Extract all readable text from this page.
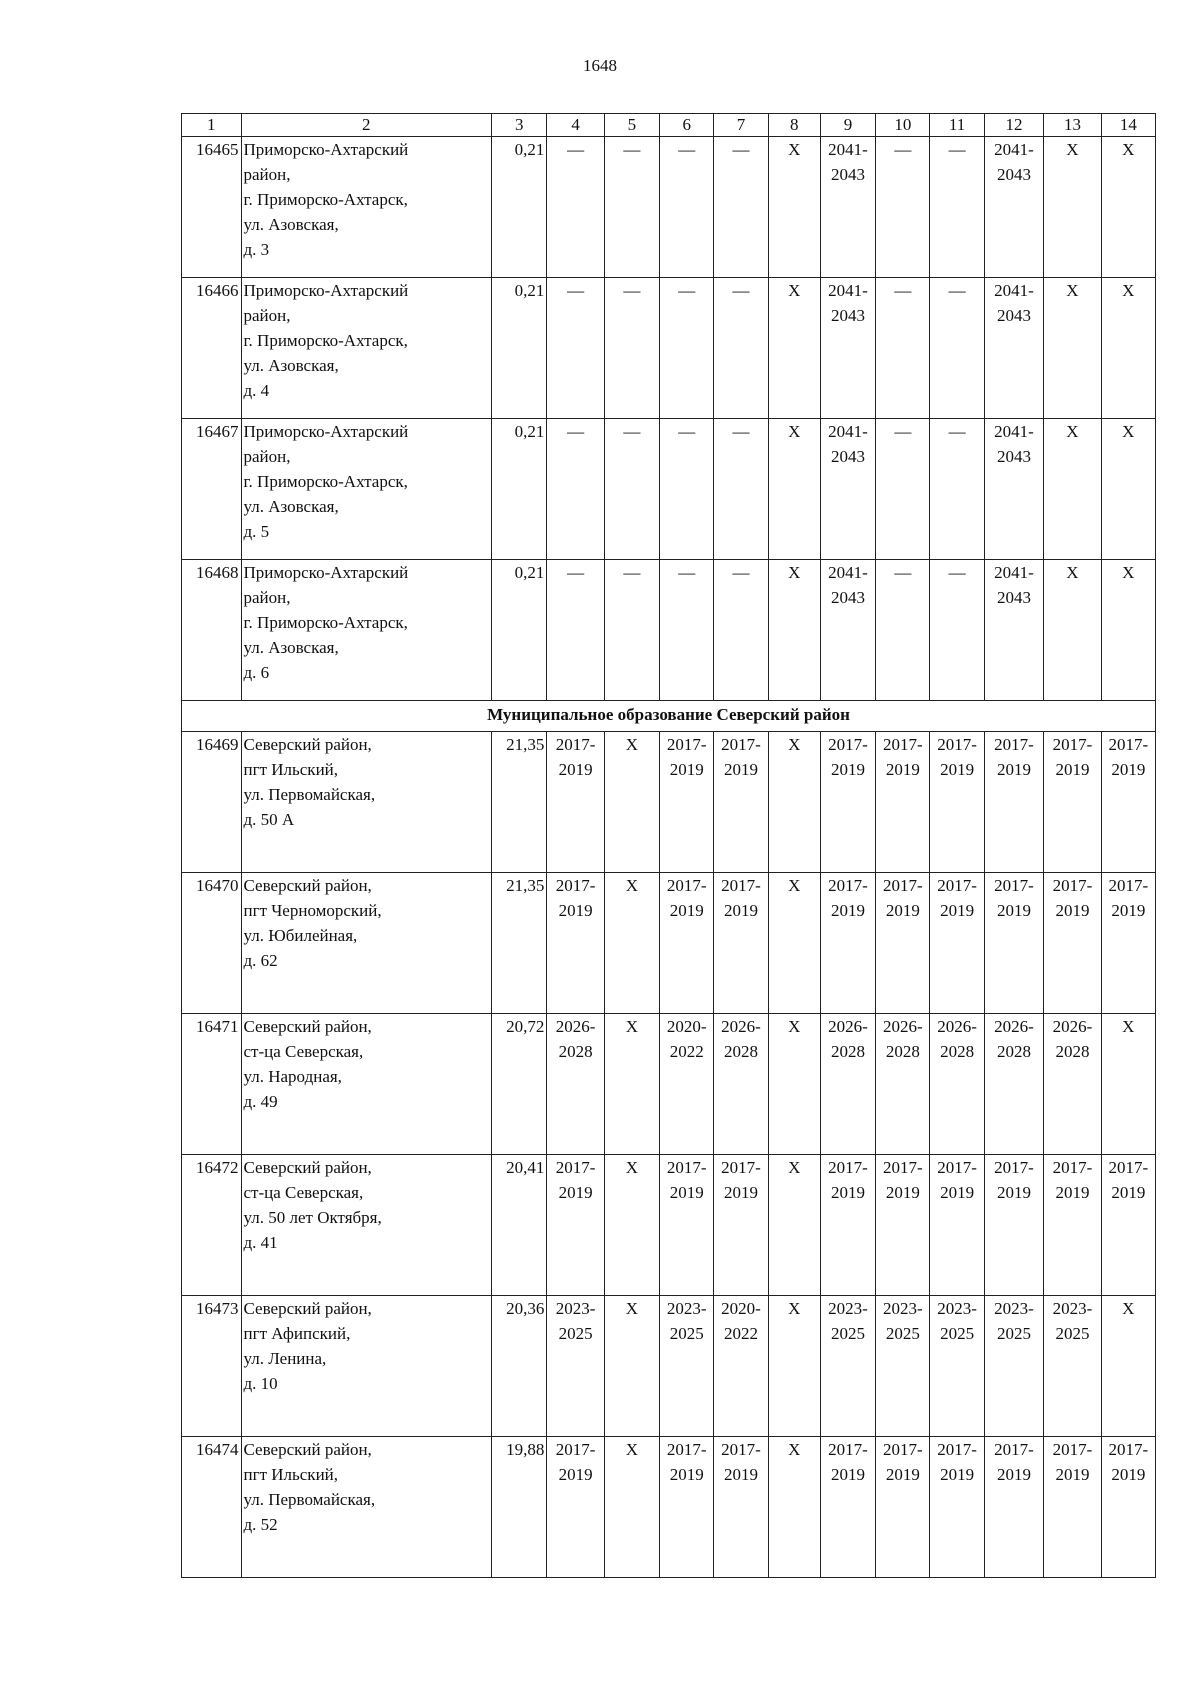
1648
1	2	3	4	5	6	7	8	9	10	11	12	13	14
16465	Приморско-Ахтарский
район,
г. Приморско-Ахтарск,
ул. Азовская,
д. 3	0,21	—	—	—	—	X	2041-
2043	—	—	2041-
2043	X	X
16466	Приморско-Ахтарский
район,
г. Приморско-Ахтарск,
ул. Азовская,
д. 4	0,21	—	—	—	—	X	2041-
2043	—	—	2041-
2043	X	X
16467	Приморско-Ахтарский
район,
г. Приморско-Ахтарск,
ул. Азовская,
д. 5	0,21	—	—	—	—	X	2041-
2043	—	—	2041-
2043	X	X
16468	Приморско-Ахтарский
район,
г. Приморско-Ахтарск,
ул. Азовская,
д. 6	0,21	—	—	—	—	X	2041-
2043	—	—	2041-
2043	X	X
Муниципальное образование Северский район													
16469	Северский район,
пгт Ильский,
ул. Первомайская,
д. 50 А	21,35	2017-
2019	X	2017-
2019	2017-
2019	X	2017-
2019	2017-
2019	2017-
2019	2017-
2019	2017-
2019	2017-
2019
16470	Северский район,
пгт Черноморский,
ул. Юбилейная,
д. 62	21,35	2017-
2019	X	2017-
2019	2017-
2019	X	2017-
2019	2017-
2019	2017-
2019	2017-
2019	2017-
2019	2017-
2019
16471	Северский район,
ст-ца Северская,
ул. Народная,
д. 49	20,72	2026-
2028	X	2020-
2022	2026-
2028	X	2026-
2028	2026-
2028	2026-
2028	2026-
2028	2026-
2028	X
16472	Северский район,
ст-ца Северская,
ул. 50 лет Октября,
д. 41	20,41	2017-
2019	X	2017-
2019	2017-
2019	X	2017-
2019	2017-
2019	2017-
2019	2017-
2019	2017-
2019	2017-
2019
16473	Северский район,
пгт Афипский,
ул. Ленина,
д. 10	20,36	2023-
2025	X	2023-
2025	2020-
2022	X	2023-
2025	2023-
2025	2023-
2025	2023-
2025	2023-
2025	X
16474	Северский район,
пгт Ильский,
ул. Первомайская,
д. 52	19,88	2017-
2019	X	2017-
2019	2017-
2019	X	2017-
2019	2017-
2019	2017-
2019	2017-
2019	2017-
2019	2017-
2019
